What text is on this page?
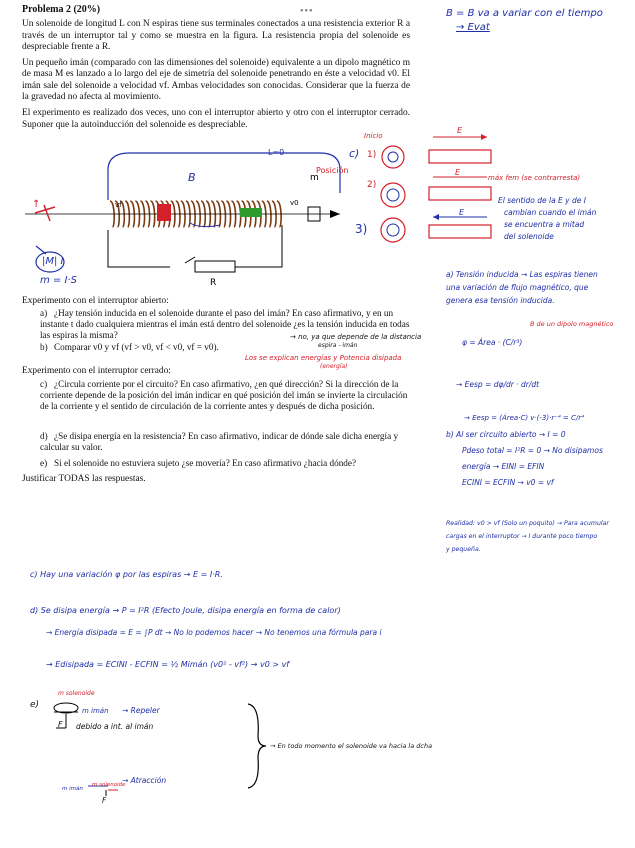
Problema 2 (20%)

Un solenoide de longitud L con N espiras tiene sus terminales conectados a una resistencia exterior R a través de un interruptor tal y como se muestra en la figura. La resistencia propia del solenoide es despreciable frente a R.

Un pequeño imán (comparado con las dimensiones del solenoide) equivalente a un dipolo magnético m de masa M es lanzado a lo largo del eje de simetría del solenoide penetrando en éste a velocidad v0. El imán sale del solenoide a velocidad vf. Ambas velocidades son conocidas. Considerar que la fuerza de la gravedad no afecta al movimiento.

El experimento es realizado dos veces, uno con el interruptor abierto y otro con el interruptor cerrado. Suponer que la autoinducción del solenoide es despreciable.

•••
B	m
v0
vf
R
L=0
Posición
↑
|M| I
m = I·S
Experimento con el interruptor abierto:
a) ¿Hay tensión inducida en el solenoide durante el paso del imán? En caso afirmativo, y en un instante t dado cualquiera mientras el imán está dentro del solenoide ¿es la tensión inducida en todas las espiras la misma?
b) Comparar v0 y vf (vf > v0, vf < v0, vf = v0).
Experimento con el interruptor cerrado:
c) ¿Circula corriente por el circuito? En caso afirmativo, ¿en qué dirección? Si la dirección de la corriente depende de la posición del imán indicar en qué posición del imán se invierte la circulación de la corriente y el sentido de circulación de la corriente antes y después de dicha posición.
d) ¿Se disipa energía en la resistencia? En caso afirmativo, indicar de dónde sale dicha energía y calcular su valor.
e) Si el solenoide no estuviera sujeto ¿se movería? En caso afirmativo ¿hacia dónde?
Justificar TODAS las respuestas.
→ no, ya que depende de la distancia
espira - imán
Los se explican energías y Potencia disipada
(energía)
B = B va a variar con el tiempo
→ Evat
Inicio
c) 1)
2)
3)
E
E
E
máx fem (se contrarresta)
El sentido de la E y de I
cambian cuando el imán
se encuentra a mitad
del solenoide
a) Tensión inducida → Las espiras tienen
una variación de flujo magnético, que
genera esa tensión inducida.
B de un dipolo magnético
φ = Área · (C/r³)
→ Eesp = dφ/dr · dr/dt
→ Eesp = (Área·C) v·(-3)·r⁻⁴ = C/r⁴
b) Al ser circuito abierto → I = 0
Pdeso total = I²R = 0 → No disipamos
energía → EINI = EFIN
ECINI = ECFIN → v0 = vf
Realidad: v0 > vf (Solo un poquito) → Para acumular
cargas en el interruptor → I durante poco tiempo
y pequeña.
c) Hay una variación φ por las espiras → E = I·R.
d) Se disipa energía → P = I²R (Efecto Joule, disipa energía en forma de calor)
→ Energía disipada = E = ∫P dt → No lo podemos hacer → No tenemos una fórmula para i
→ Edisipada = ECINI - ECFIN = ½ Mimán (v0² - vf²) → v0 > vf
e)
m solenoide
m imán
F
→ Repeler
debido a int. al imán
→ Atracción
→ En todo momento el solenoide va hacia la dcha
m imán
m solenoide
F
